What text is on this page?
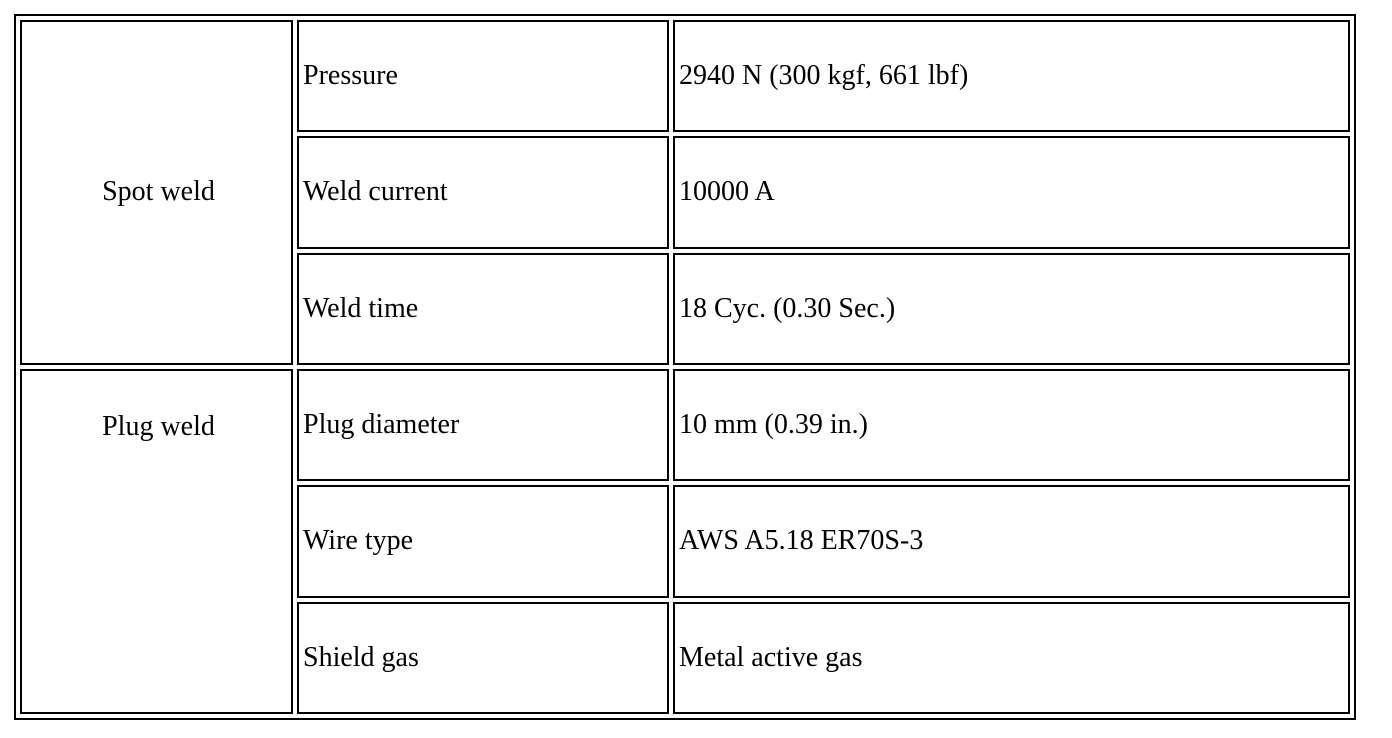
Spot weld	Pressure	2940 N (300 kgf, 661 lbf)
	Weld current	10000 A
	Weld time	18 Cyc. (0.30 Sec.)

Plug weld	Plug diameter	10 mm (0.39 in.)
	Wire type	AWS A5.18 ER70S-3
	Shield gas	Metal active gas
